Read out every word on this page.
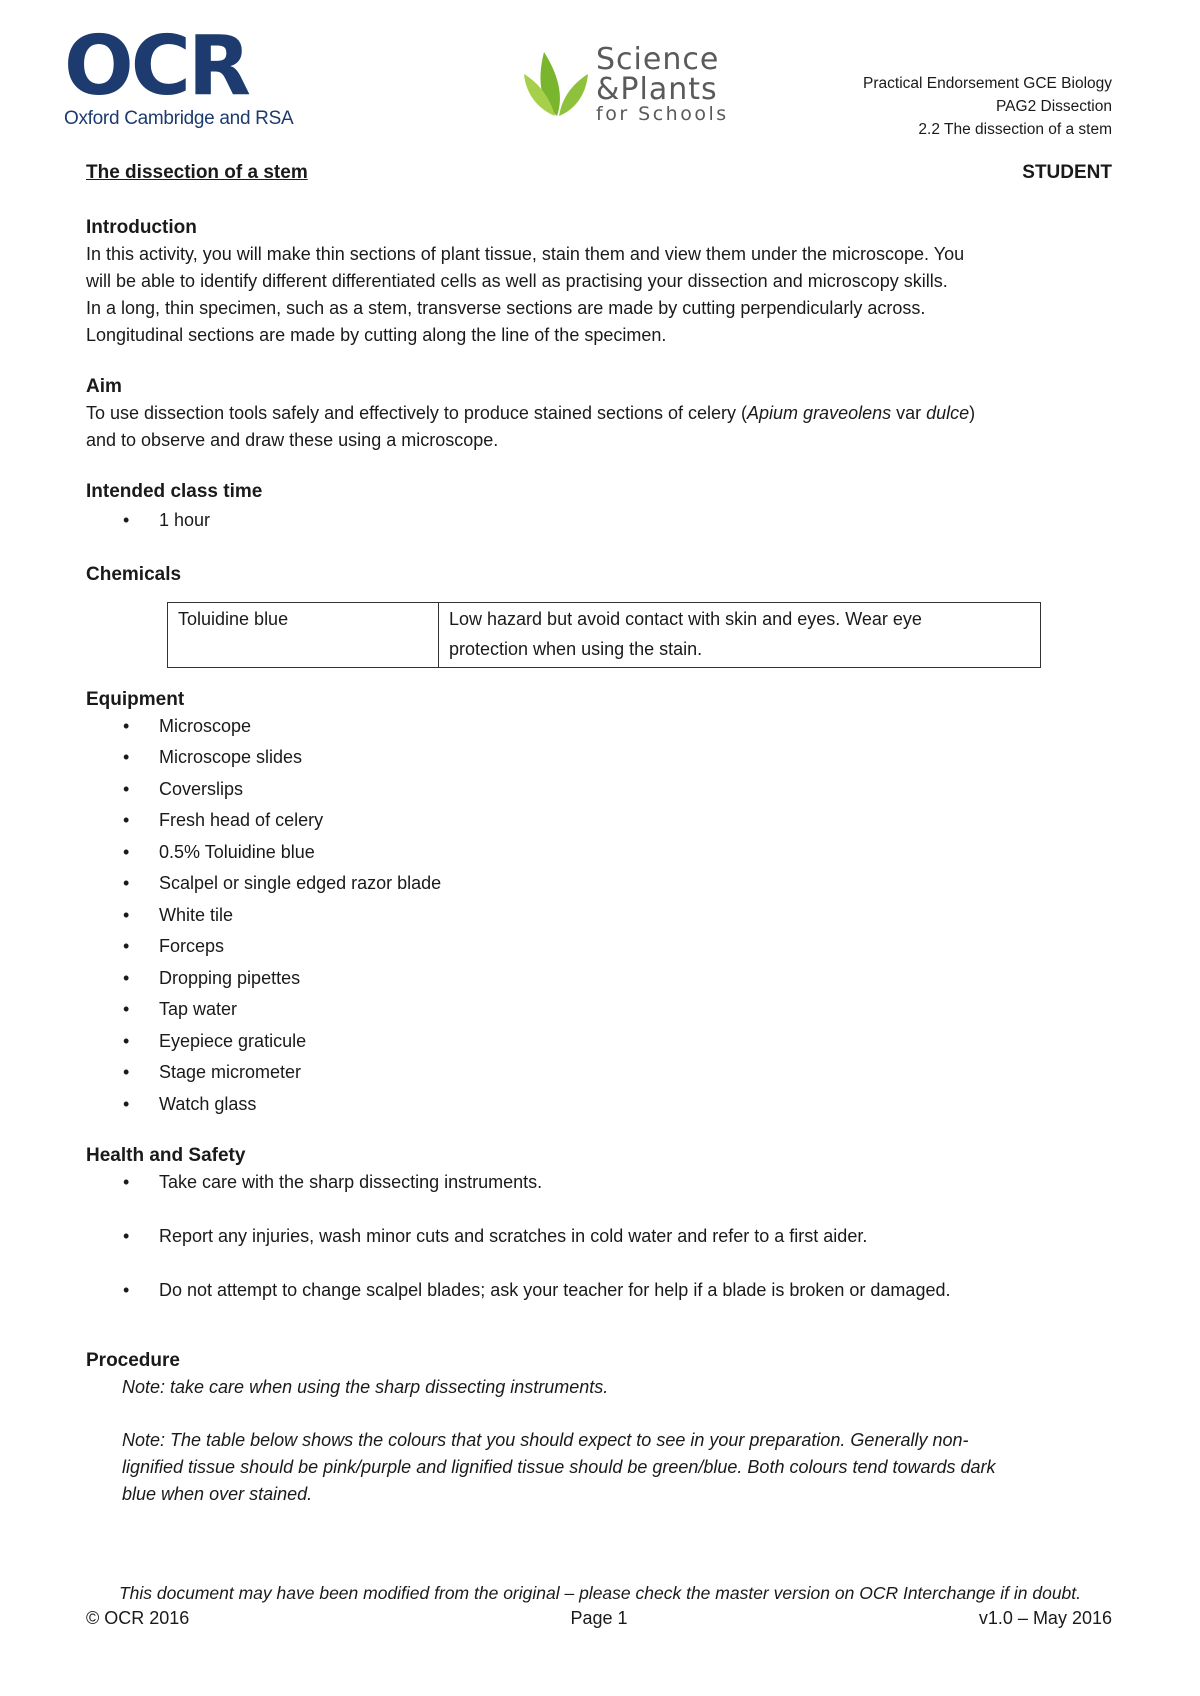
OCR
Oxford Cambridge and RSA
Science
&Plants
for Schools
Practical Endorsement GCE Biology
PAG2 Dissection
2.2 The dissection of a stem
The dissection of a stem	STUDENT
Introduction

In this activity, you will make thin sections of plant tissue, stain them and view them under the microscope. You

will be able to identify different differentiated cells as well as practising your dissection and microscopy skills.

In a long, thin specimen, such as a stem, transverse sections are made by cutting perpendicularly across.

Longitudinal sections are made by cutting along the line of the specimen.

Aim

To use dissection tools safely and effectively to produce stained sections of celery (Apium graveolens var dulce)

and to observe and draw these using a microscope.

Intended class time
• 1 hour
Chemicals
Toluidine blue	Low hazard but avoid contact with skin and eyes. Wear eye
protection when using the stain.
Equipment
• Microscope
• Microscope slides
• Coverslips
• Fresh head of celery
• 0.5% Toluidine blue
• Scalpel or single edged razor blade
• White tile
• Forceps
• Dropping pipettes
• Tap water
• Eyepiece graticule
• Stage micrometer
• Watch glass
Health and Safety
• Take care with the sharp dissecting instruments.
• Report any injuries, wash minor cuts and scratches in cold water and refer to a first aider.
• Do not attempt to change scalpel blades; ask your teacher for help if a blade is broken or damaged.
Procedure

Note: take care when using the sharp dissecting instruments.

Note: The table below shows the colours that you should expect to see in your preparation. Generally non-

lignified tissue should be pink/purple and lignified tissue should be green/blue. Both colours tend towards dark

blue when over stained.

This document may have been modified from the original – please check the master version on OCR Interchange if in doubt.
© OCR 2016	Page 1	v1.0 – May 2016
